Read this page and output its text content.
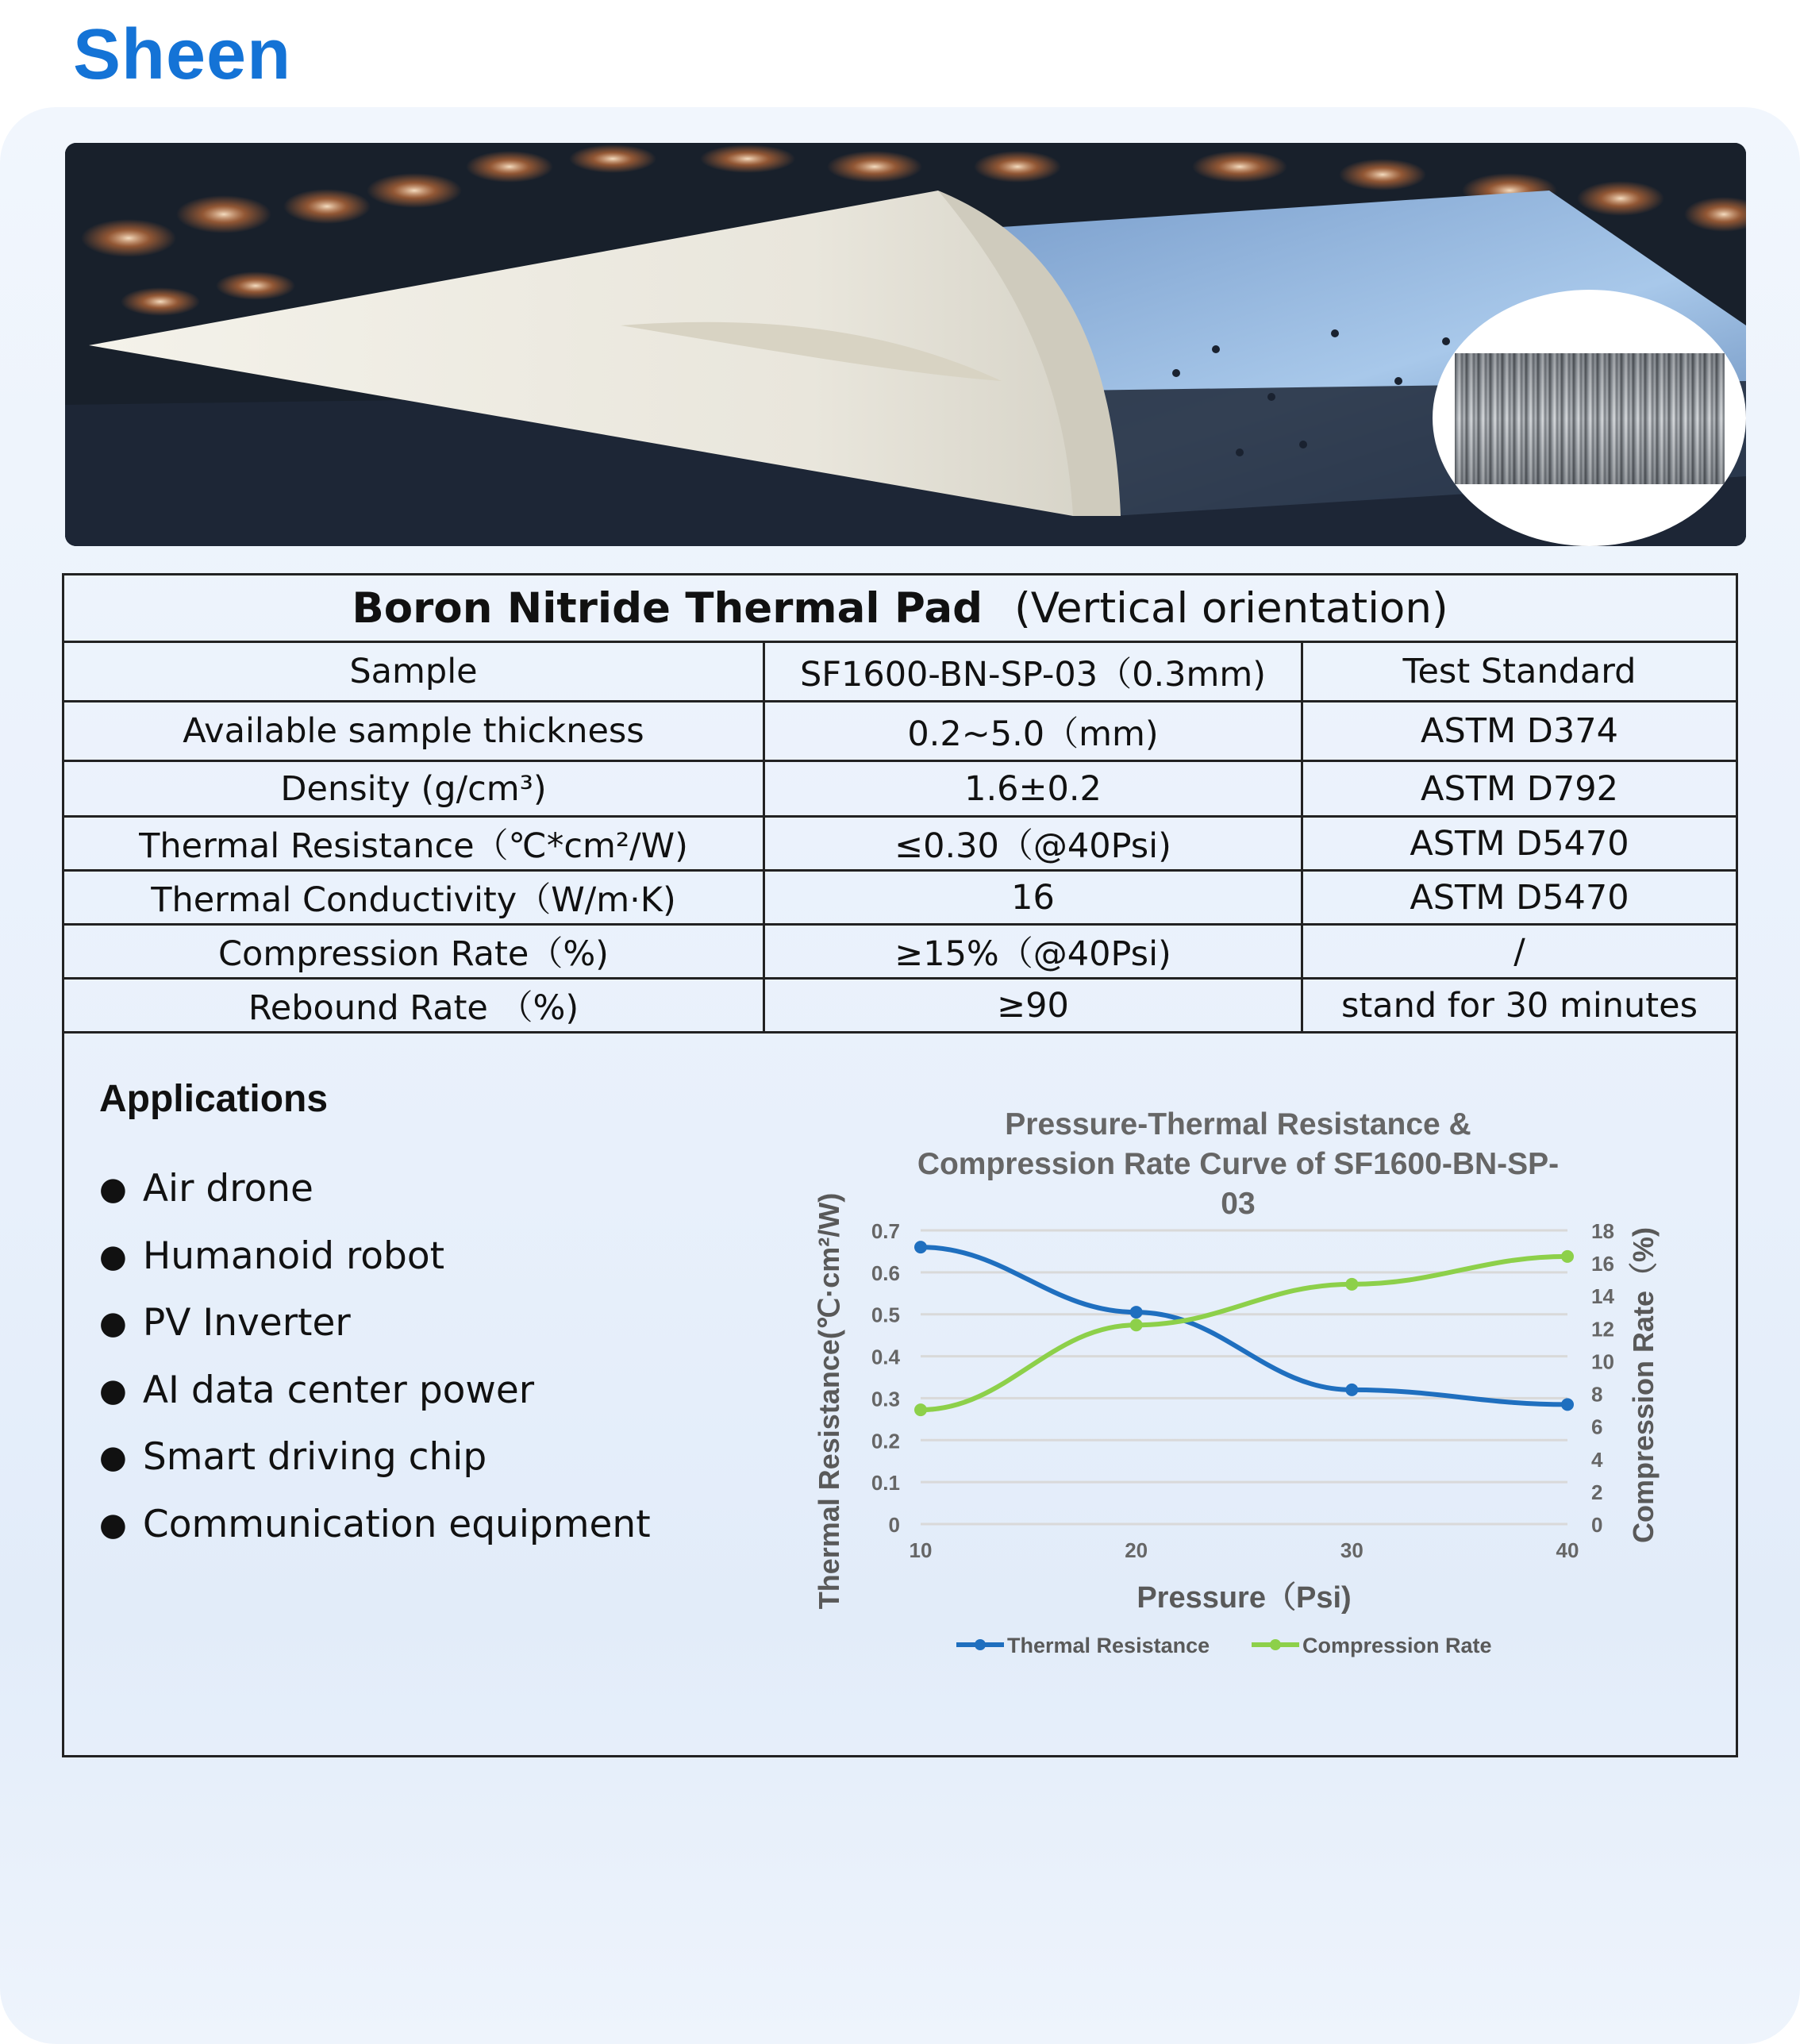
Sheen
Boron Nitride Thermal Pad (Vertical orientation)
Sample	SF1600-BN-SP-03（0.3mm)	Test Standard
Available sample thickness	0.2~5.0（mm)	ASTM D374
Density (g/cm³)	1.6±0.2	ASTM D792
Thermal Resistance（℃*cm²/W)	≤0.30（@40Psi)	ASTM D5470
Thermal Conductivity（W/m·K)	16	ASTM D5470
Compression Rate（%)	≥15%（@40Psi)	/
Rebound Rate （%)	≥90	stand for 30 minutes
Applications
● Air drone
● Humanoid robot
● PV Inverter
● AI data center power
● Smart driving chip
● Communication equipment
Pressure-Thermal Resistance &
Compression Rate Curve of SF1600-BN-SP-
03
0
0.1
0.2
0.3
0.4
0.5
0.6
0.7
0
2
4
6
8
10
12
14
16
18
10	20	30	40
Pressure（Psi)
Thermal Resistance(℃·cm²/W)	Compression Rate（%)
Thermal Resistance	Compression Rate
